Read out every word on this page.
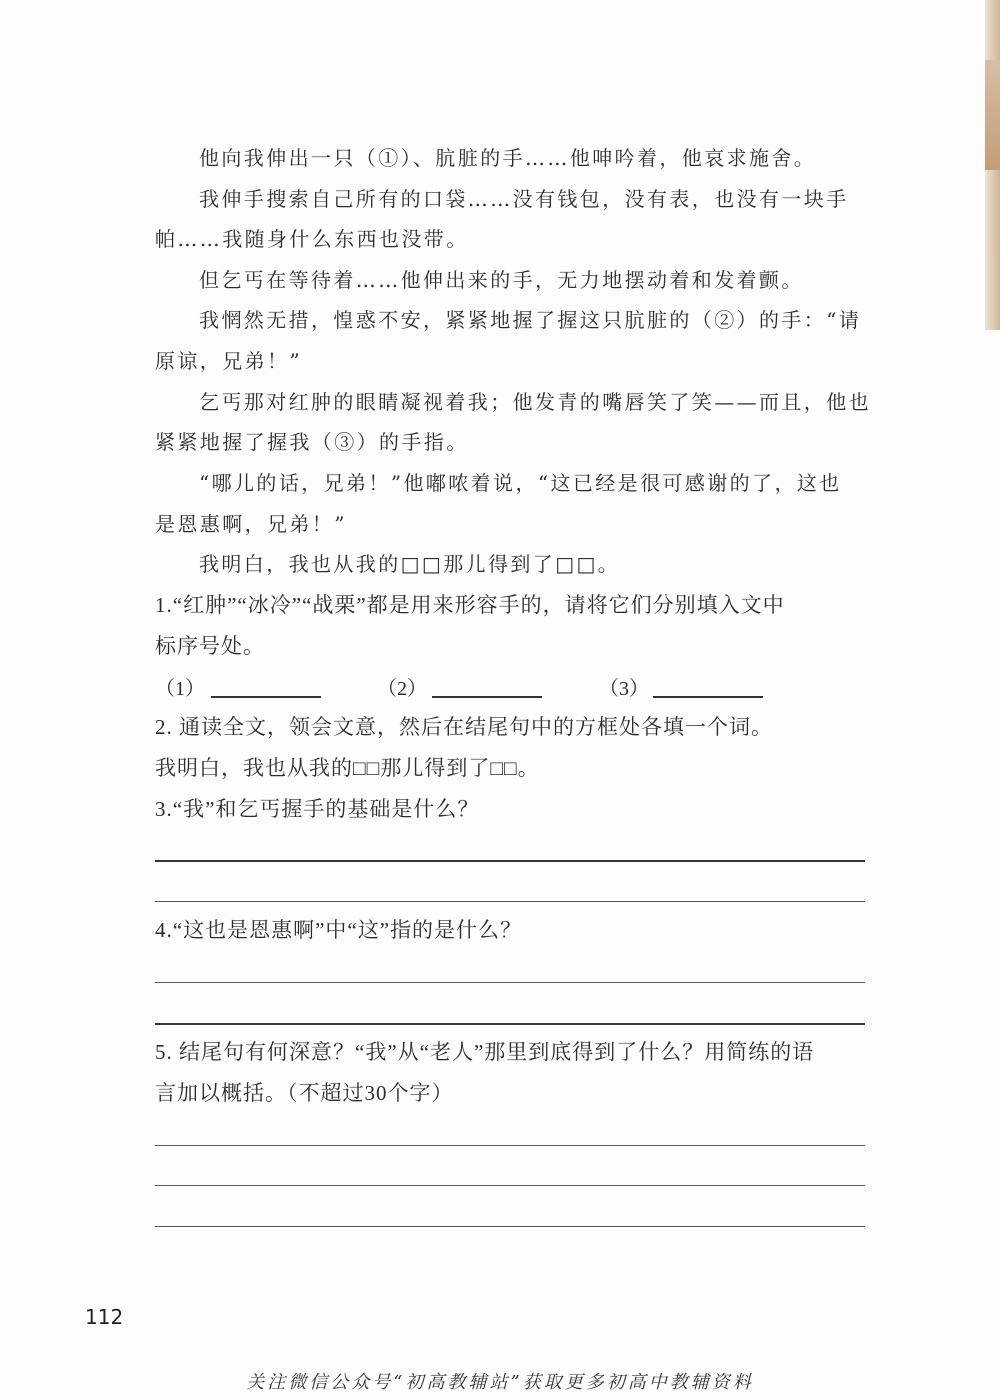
他向我伸出一只（①）、肮脏的手……他呻吟着，他哀求施舍。
我伸手搜索自己所有的口袋……没有钱包，没有表，也没有一块手
帕……我随身什么东西也没带。
但乞丐在等待着……他伸出来的手，无力地摆动着和发着颤。
我惘然无措，惶惑不安，紧紧地握了握这只肮脏的（②）的手：“请
原谅，兄弟！”
乞丐那对红肿的眼睛凝视着我；他发青的嘴唇笑了笑——而且，他也
紧紧地握了握我（③）的手指。
“哪儿的话，兄弟！”他嘟哝着说，“这已经是很可感谢的了，这也
是恩惠啊，兄弟！”
我明白，我也从我的□□那儿得到了□□。
1.“红肿”“冰冷”“战栗”都是用来形容手的，请将它们分别填入文中
标序号处。
（1）	（2）	（3）
2. 通读全文，领会文意，然后在结尾句中的方框处各填一个词。
我明白，我也从我的□□那儿得到了□□。
3.“我”和乞丐握手的基础是什么？
4.“这也是恩惠啊”中“这”指的是什么？
5. 结尾句有何深意？“我”从“老人”那里到底得到了什么？用简练的语
言加以概括。（不超过30个字）
112
关注微信公众号“初高教辅站”获取更多初高中教辅资料
